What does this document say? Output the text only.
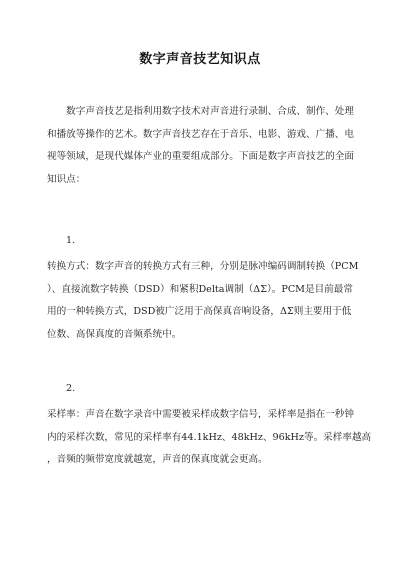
数字声音技艺知识点
　　数字声音技艺是指利用数字技术对声音进行录制、合成、制作、处理
和播放等操作的艺术。数字声音技艺存在于音乐、电影、游戏、广播、电
视等领域，是现代媒体产业的重要组成部分。下面是数字声音技艺的全面
知识点：
1.
转换方式：数字声音的转换方式有三种，分别是脉冲编码调制转换（PCM
）、直接流数字转换（DSD）和紧积Delta调制（ΔΣ）。PCM是目前最常
用的一种转换方式，DSD被广泛用于高保真音响设备，ΔΣ则主要用于低
位数、高保真度的音频系统中。
2.
采样率：声音在数字录音中需要被采样成数字信号，采样率是指在一秒钟
内的采样次数，常见的采样率有44.1kHz、48kHz、96kHz等。采样率越高
，音频的频带宽度就越宽，声音的保真度就会更高。
